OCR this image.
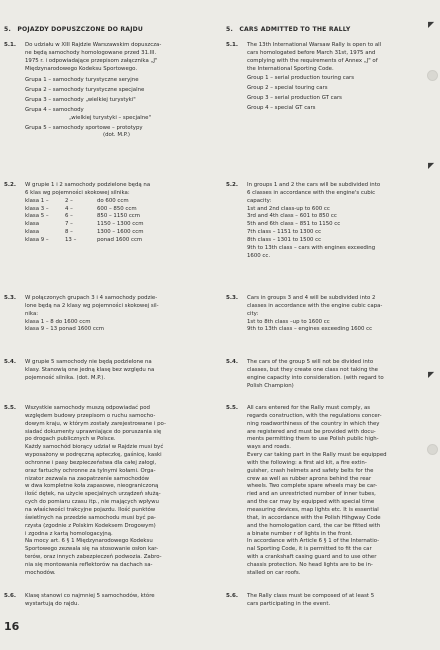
5. POJAZDY DOPUSZCZONE DO RAJDU
5.1. Do udziału w XIII Rajdzie Warszawskim dopuszcza-

ne będą samochody homologowane przed 31.III.

1975 r. i odpowiadające przepisom załącznika „J"

Międzynarodowego Kodeksu Sportowego.

Grupa 1 – samochody turystyczne seryjne

Grupa 2 – samochody turystyczne specjalne

Grupa 3 – samochody „wielkiej turystyki"

Grupa 4 – samochody

„wielkiej turystyki – specjalne"

Grupa 5 – samochody sportowe – prototypy

(dot. M.P.)

5.2. W grupie 1 i 2 samochody podzielone będą na

6 klas wg pojemności skokowej silnika:

klasa 1 –	2 –	do 600 ccm
klasa 3 –	4 –	600 – 850 ccm
klasa 5 –	6 –	850 – 1150 ccm
klasa	7 –	1150 – 1300 ccm
klasa	8 –	1300 – 1600 ccm
klasa 9 –	13 –	ponad 1600 ccm
5.3. W połączonych grupach 3 i 4 samochody podzie-

lone będą na 2 klasy wg pojemności skokowej sil-

nika:

klasa 1 – 8 do 1600 ccm

klasa 9 – 13 ponad 1600 ccm

5.4. W grupie 5 samochody nie będą podzielone na

klasy. Stanowią one jedną klasę bez względu na

pojemność silnika. (dot. M.P.).

5.5. Wszystkie samochody muszą odpowiadać pod

względem budowy przepisom o ruchu samocho-

dowym kraju, w którym zostały zarejestrowane i po-

siadać dokumenty uprawniające do poruszania się

po drogach publicznych w Polsce.

Każdy samochód biorący udział w Rajdzie musi być

wyposażony w podręczną apteczkę, gaśnicę, kaski

ochronne i pasy bezpieczeństwa dla całej załogi,

oraz fartuchy ochronne za tylnymi kołami. Orga-

nizator zezwala na zaopatrzenie samochodów

w dwa kompletne koła zapasowe, nieograniczoną

ilość dętek, na użycie specjalnych urządzeń służą-

cych do pomiaru czasu itp., nie mających wpływu

na właściwości trakcyjne pojazdu. Ilość punktów

świetlnych na przedzie samochodu musi być pa-

rzysta (zgodnie z Polskim Kodeksem Drogowym)

i zgodna z kartą homologacyjną.

Na mocy art. 6 § 1 Międzynarodowego Kodeksu

Sportowego zezwala się na stosowanie osłon kar-

terów, oraz innych zabezpieczeń podwozia. Zabro-

nia się montowania reflektorów na dachach sa-

mochodów.

5.6. Klasę stanowi co najmniej 5 samochodów, które

wystartują do rajdu.

5. CARS ADMITTED TO THE RALLY
5.1. The 13th International Warsaw Rally is open to all

cars homologated before March 31st, 1975 and

complying with the requirements of Annex „J" of

the International Sporting Code.

Group 1 – serial production touring cars

Group 2 – special touring cars

Group 3 – serial production GT cars

Group 4 – special GT cars

5.2. In groups 1 and 2 the cars will be subdivided into

6 classes in accordance with the engine's cubic

capacity:

1st and 2nd class-up to 600 cc

3rd and 4th class – 601 to 850 cc

5th and 6th class – 851 to 1150 cc

7th class – 1151 to 1300 cc

8th class – 1301 to 1500 cc

9th to 13th class – cars with engines exceeding

1600 cc.

5.3. Cars in groups 3 and 4 will be subdivided into 2

classes in accordance with the engine cubic capa-

city:

1st to 8th class –up to 1600 cc

9th to 13th class – engines exceeding 1600 cc

5.4. The cars of the group 5 will not be divided into

classes, but they create one class not taking the

engine capacity into consideration. (with regard to

Polish Champion)

5.5. All cars entered for the Rally must comply, as

regards construction, with the regulations concer-

ning roadworthiness of the country in which they

are registered and must be provided with docu-

ments permitting them to use Polish public high-

ways and roads.

Every car taking part in the Rally must be equipped

with the following: a first aid kit, a fire extin-

guisher, crash helmets and safety belts for the

crew as well as rubber aprons behind the rear

wheels. Two complete spare wheels may be car-

ried and an unrestricted number of inner tubes,

and the car may by equipped with special time

measuring devices, map lights etc. It is essential

that, in accordance with the Polish Hihgway Code

and the homologation card, the car be fitted with

a binate number r of lights in the front.

In accordance with Article 6 § 1 of the Internatio-

nal Sporting Code, it is permitted to fit the car

with a crankshaft casing guard and to use other

chassis protection. No head lights are to be in-

stalled on car roofs.

5.6. The Rally class must be composed of at least 5

cars participating in the event.

◤
◤
◤
16
